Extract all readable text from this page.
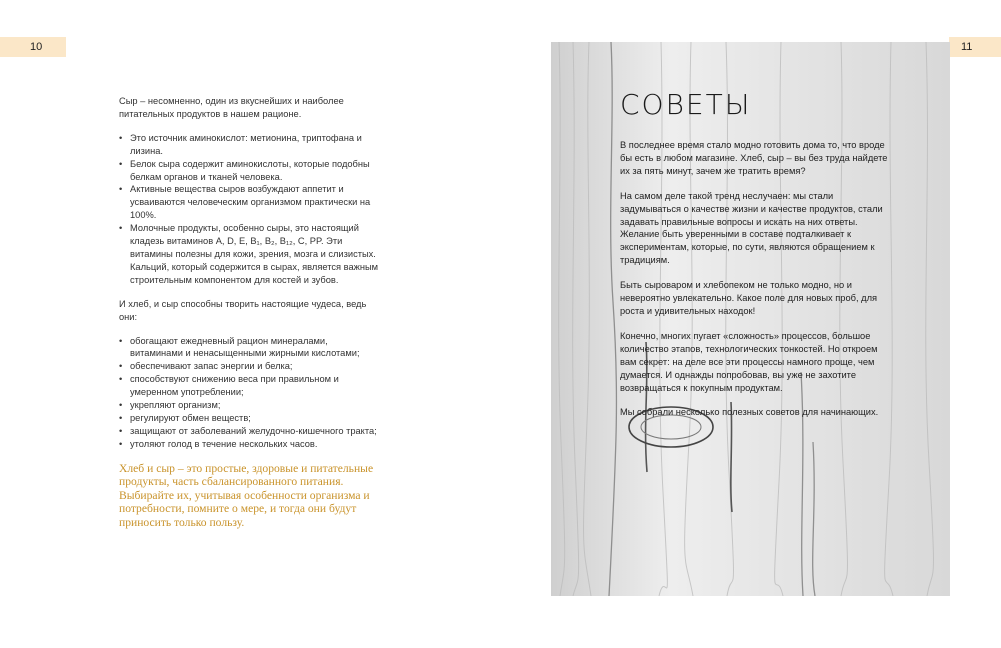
10	11

Сыр – несомненно, один из вкуснейших и наиболее питательных продуктов в нашем рационе.

• Это источник аминокислот: метионина, триптофана и лизина.
• Белок сыра содержит аминокислоты, которые подобны белкам органов и тканей человека.
• Активные вещества сыров возбуждают аппетит и усваиваются человеческим организмом практически на 100%.
• Молочные продукты, особенно сыры, это настоящий кладезь витаминов A, D, E, B₁, B₂, B₁₂, C, PP. Эти витамины полезны для кожи, зрения, мозга и слизистых. Кальций, который содержится в сырах, является важным строительным компонентом для костей и зубов.

И хлеб, и сыр способны творить настоящие чудеса, ведь они:

• обогащают ежедневный рацион минералами, витаминами и ненасыщенными жирными кислотами;
• обеспечивают запас энергии и белка;
• способствуют снижению веса при правильном и умеренном употреблении;
• укрепляют организм;
• регулируют обмен веществ;
• защищают от заболеваний желудочно-кишечного тракта;
• утоляют голод в течение нескольких часов.
Хлеб и сыр – это простые, здоровые и питательные продукты, часть сбалансированного питания. Выбирайте их, учитывая особенности организма и потребности, помните о мере, и тогда они будут приносить только пользу.
СОВЕТЫ

В последнее время стало модно готовить дома то, что вроде бы есть в любом магазине. Хлеб, сыр – вы без труда найдете их за пять минут, зачем же тратить время?

На самом деле такой тренд неслучаен: мы стали задумываться о качестве жизни и качестве продуктов, стали задавать правильные вопросы и искать на них ответы. Желание быть уверенными в составе подталкивает к экспериментам, которые, по сути, являются обращением к традициям.

Быть сыроваром и хлебопеком не только модно, но и невероятно увлекательно. Какое поле для новых проб, для роста и удивительных находок!

Конечно, многих пугает «сложность» процессов, большое количество этапов, технологических тонкостей. Но откроем вам секрет: на деле все эти процессы намного проще, чем думается. И однажды попробовав, вы уже не захотите возвращаться к покупным продуктам.

Мы собрали несколько полезных советов для начинающих.
